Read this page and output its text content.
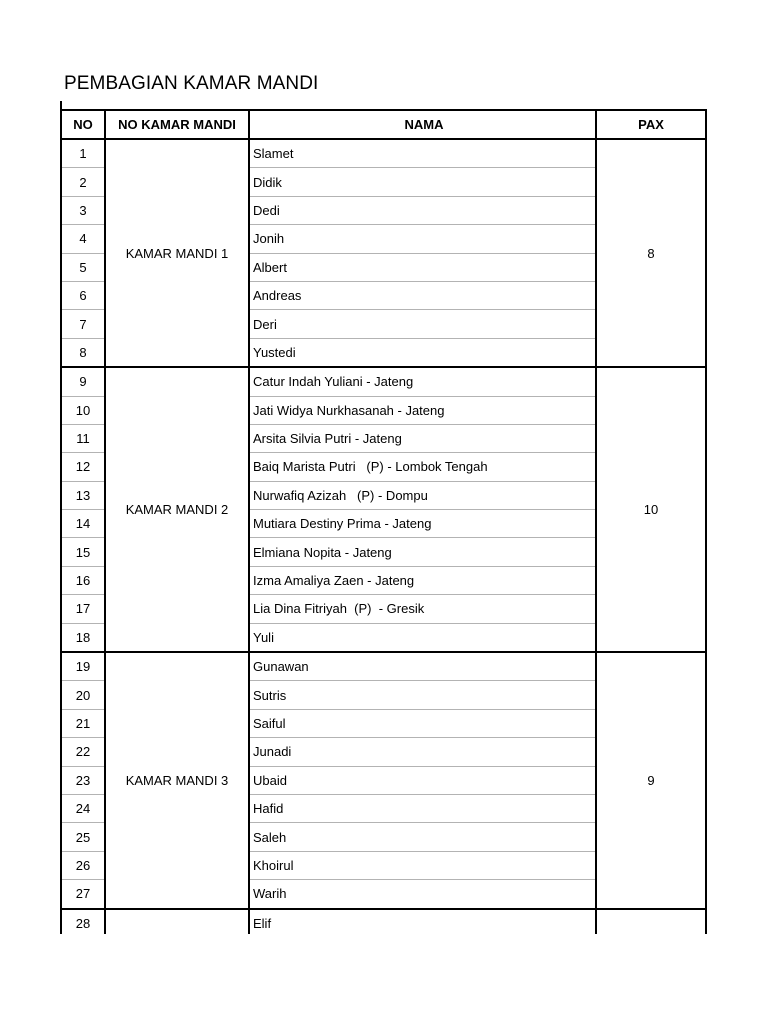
PEMBAGIAN KAMAR MANDI
NO	NO KAMAR MANDI	NAMA	PAX
1	KAMAR MANDI 1	Slamet	8
2		Didik	
3		Dedi	
4		Jonih	
5		Albert	
6		Andreas	
7		Deri	
8		Yustedi	
9	KAMAR MANDI 2	Catur Indah Yuliani - Jateng	10
10		Jati Widya Nurkhasanah - Jateng	
11		Arsita Silvia Putri - Jateng	
12		Baiq Marista Putri   (P) - Lombok Tengah	
13		Nurwafiq Azizah   (P) - Dompu	
14		Mutiara Destiny Prima - Jateng	
15		Elmiana Nopita - Jateng	
16		Izma Amaliya Zaen - Jateng	
17		Lia Dina Fitriyah  (P)  - Gresik	
18		Yuli	
19	KAMAR MANDI 3	Gunawan	9
20		Sutris	
21		Saiful	
22		Junadi	
23		Ubaid	
24		Hafid	
25		Saleh	
26		Khoirul	
27		Warih	
28		Elif	
